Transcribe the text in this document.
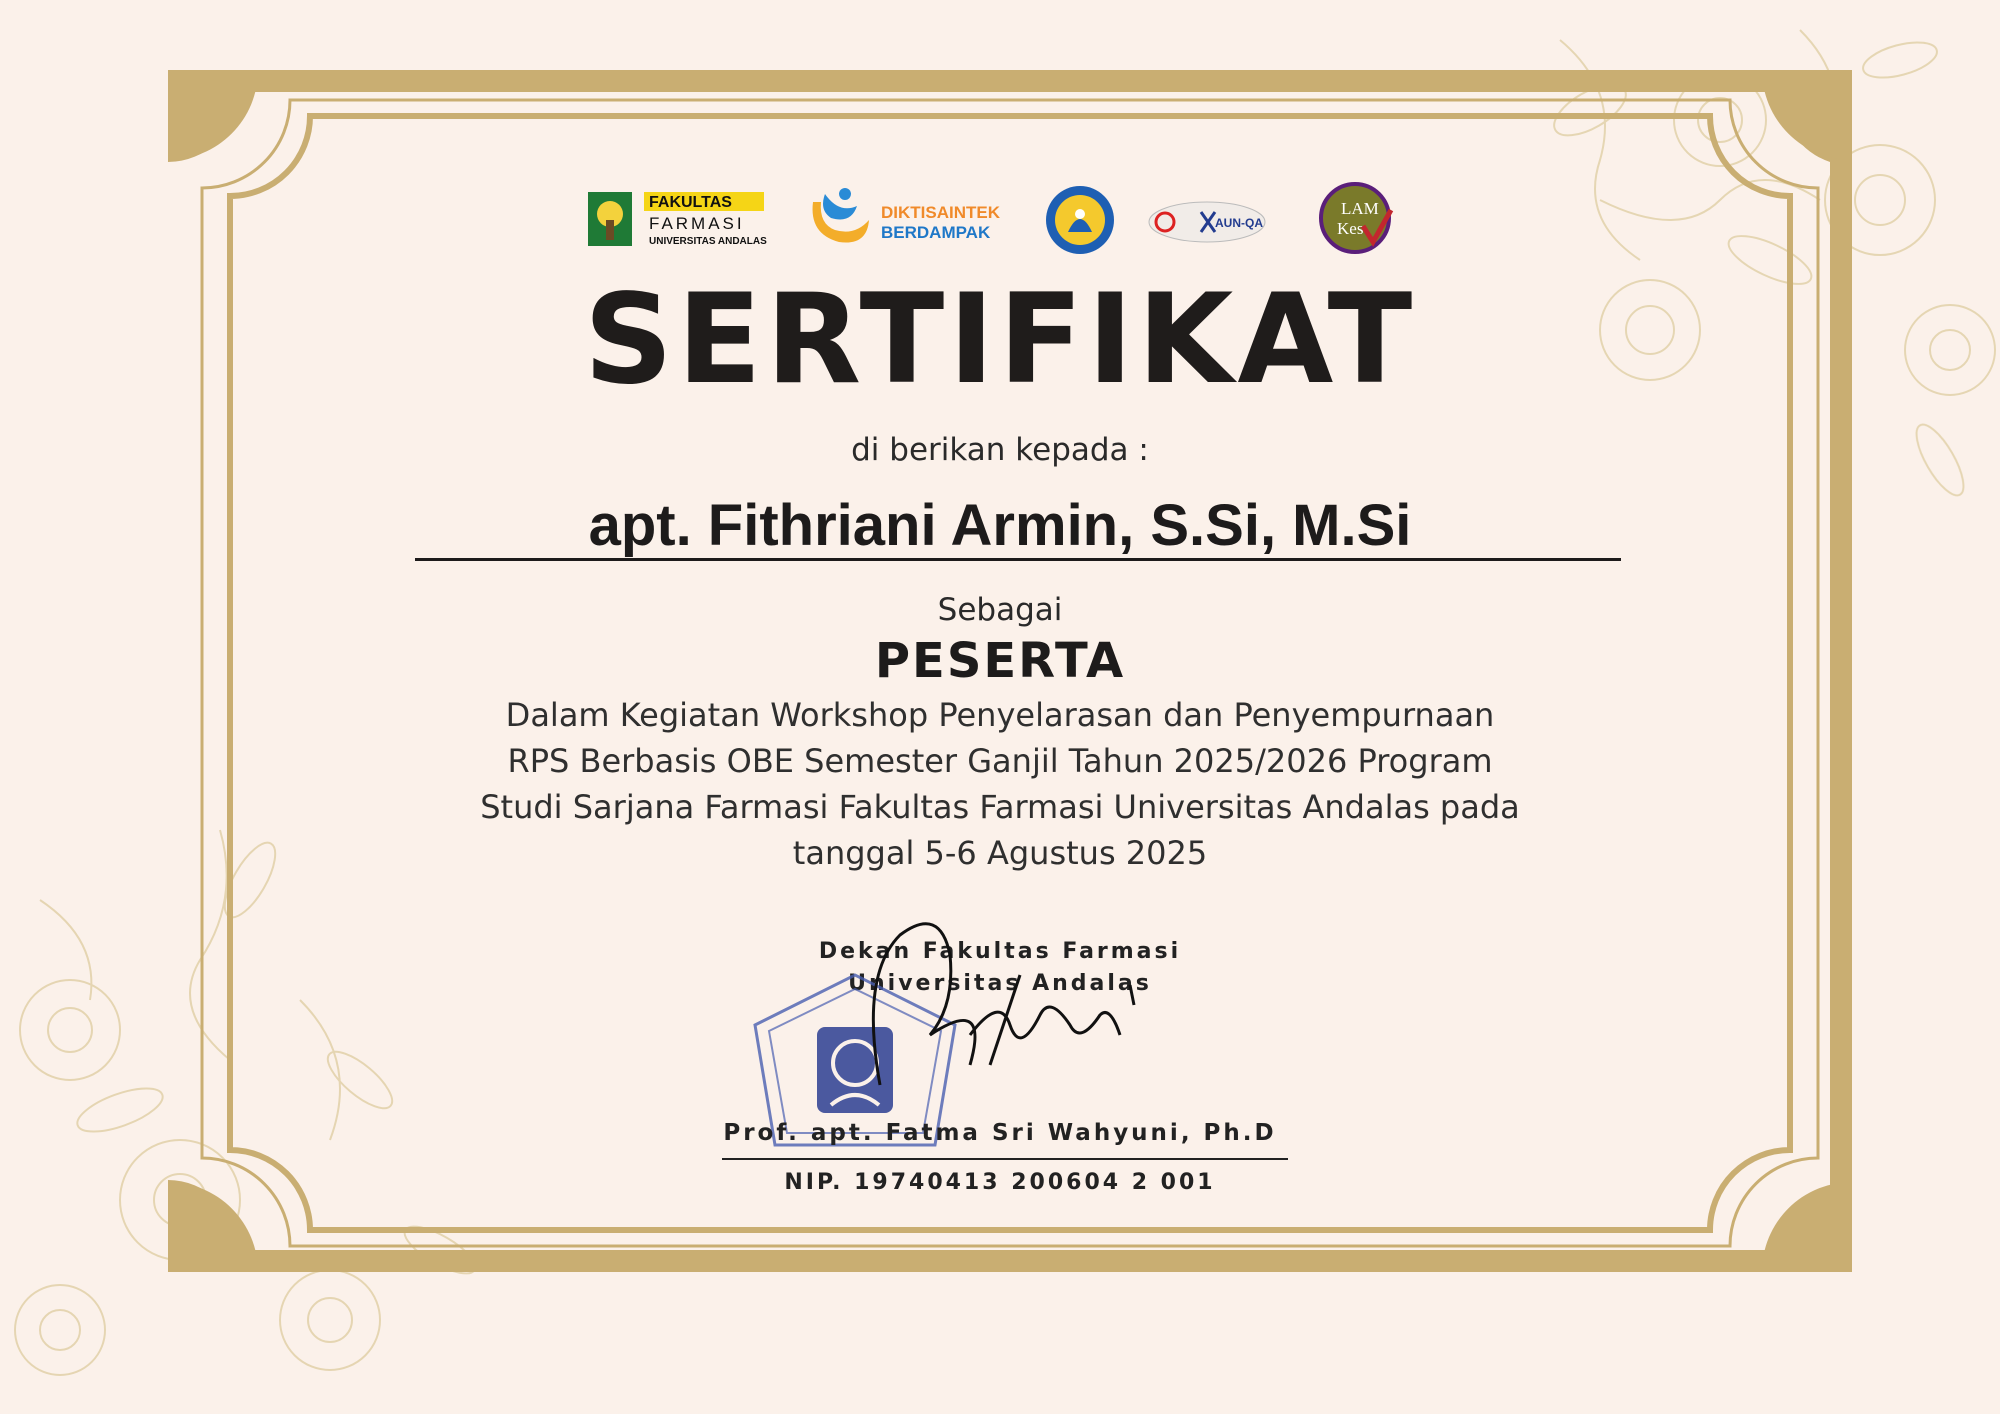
FAKULTAS
FARMASI
UNIVERSITAS ANDALAS
DIKTISAINTEK
BERDAMPAK	AUN-QA
LAM
Kes
SERTIFIKAT
di berikan kepada :
apt. Fithriani Armin, S.Si, M.Si
Sebagai
PESERTA
Dalam Kegiatan Workshop Penyelarasan dan Penyempurnaan
RPS Berbasis OBE Semester Ganjil Tahun 2025/2026 Program
Studi Sarjana Farmasi Fakultas Farmasi Universitas Andalas pada
tanggal 5-6 Agustus 2025
Dekan Fakultas Farmasi
Universitas Andalas
Prof. apt. Fatma Sri Wahyuni, Ph.D
NIP. 19740413 200604 2 001
